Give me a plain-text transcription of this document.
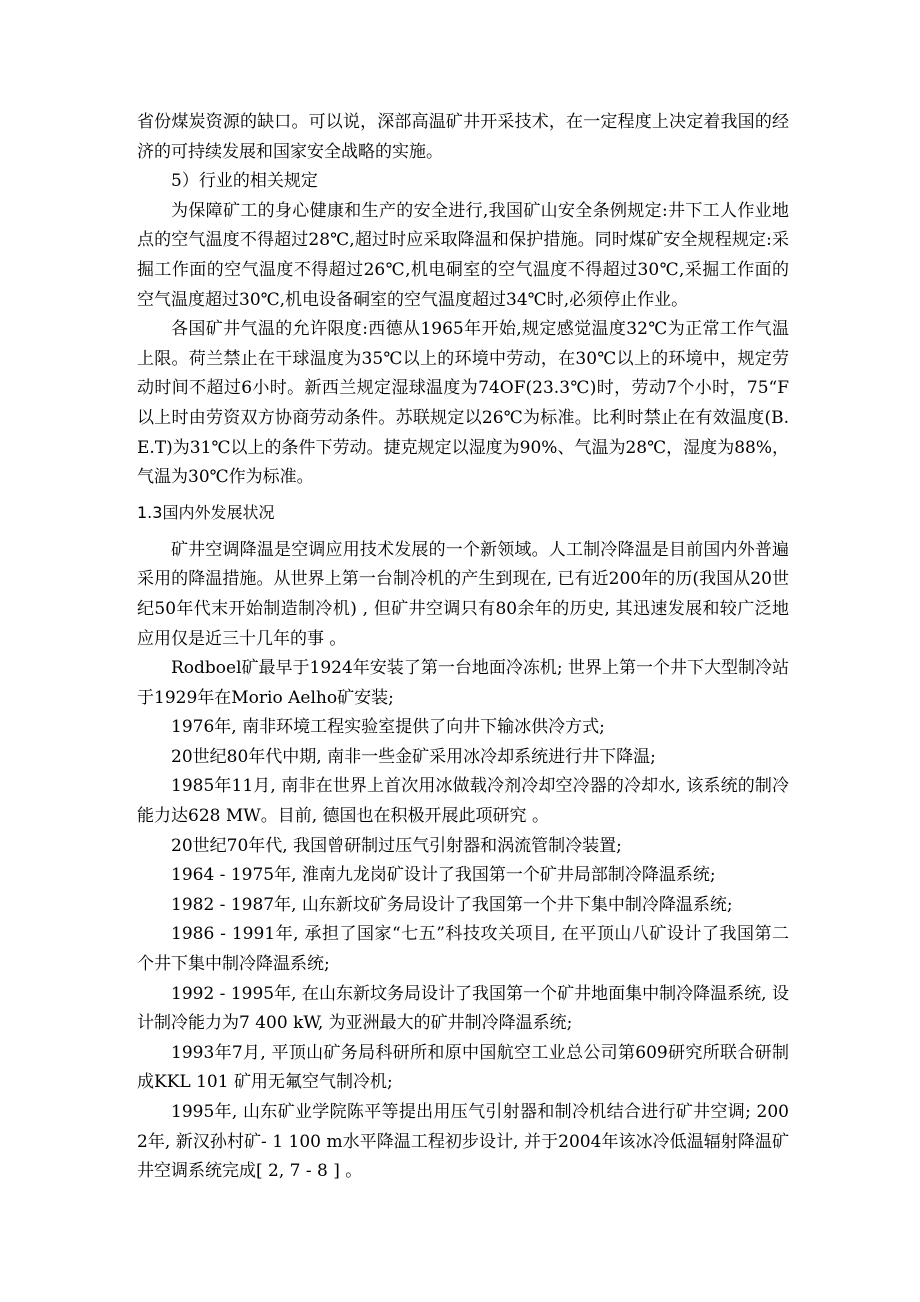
省份煤炭资源的缺口。可以说，深部高温矿井开采技术，在一定程度上决定着我国的经济的可持续发展和国家安全战略的实施。

5）行业的相关规定

为保障矿工的身心健康和生产的安全进行,我国矿山安全条例规定:井下工人作业地点的空气温度不得超过28℃,超过时应采取降温和保护措施。同时煤矿安全规程规定:采掘工作面的空气温度不得超过26℃,机电硐室的空气温度不得超过30℃,采掘工作面的空气温度超过30℃,机电设备硐室的空气温度超过34℃时,必须停止作业。

各国矿井气温的允许限度:西德从1965年开始,规定感觉温度32℃为正常工作气温上限。荷兰禁止在干球温度为35℃以上的环境中劳动，在30℃以上的环境中，规定劳动时间不超过6小时。新西兰规定湿球温度为74OF(23.3℃)时，劳动7个小时，75“F以上时由劳资双方协商劳动条件。苏联规定以26℃为标准。比利时禁止在有效温度(B.E.T)为31℃以上的条件下劳动。捷克规定以湿度为90%、气温为28℃，湿度为88%，气温为30℃作为标准。

1.3国内外发展状况

矿井空调降温是空调应用技术发展的一个新领域。人工制冷降温是目前国内外普遍采用的降温措施。从世界上第一台制冷机的产生到现在, 已有近200年的历(我国从20世纪50年代末开始制造制冷机) , 但矿井空调只有80余年的历史, 其迅速发展和较广泛地应用仅是近三十几年的事 。

Rodboel矿最早于1924年安装了第一台地面冷冻机; 世界上第一个井下大型制冷站于1929年在Morio Aelho矿安装;

1976年, 南非环境工程实验室提供了向井下输冰供冷方式;

20世纪80年代中期, 南非一些金矿采用冰冷却系统进行井下降温;

1985年11月, 南非在世界上首次用冰做载冷剂冷却空冷器的冷却水, 该系统的制冷能力达628 MW。目前, 德国也在积极开展此项研究 。

20世纪70年代, 我国曾研制过压气引射器和涡流管制冷装置;

1964 - 1975年, 淮南九龙岗矿设计了我国第一个矿井局部制冷降温系统;

1982 - 1987年, 山东新坟矿务局设计了我国第一个井下集中制冷降温系统;

1986 - 1991年, 承担了国家“七五”科技攻关项目, 在平顶山八矿设计了我国第二个井下集中制冷降温系统;

1992 - 1995年, 在山东新坟务局设计了我国第一个矿井地面集中制冷降温系统, 设计制冷能力为7 400 kW, 为亚洲最大的矿井制冷降温系统;

1993年7月, 平顶山矿务局科研所和原中国航空工业总公司第609研究所联合研制成KKL 101 矿用无氟空气制冷机;

1995年, 山东矿业学院陈平等提出用压气引射器和制冷机结合进行矿井空调; 2002年, 新汉孙村矿- 1 100 m水平降温工程初步设计, 并于2004年该冰冷低温辐射降温矿井空调系统完成[ 2, 7 - 8 ] 。
